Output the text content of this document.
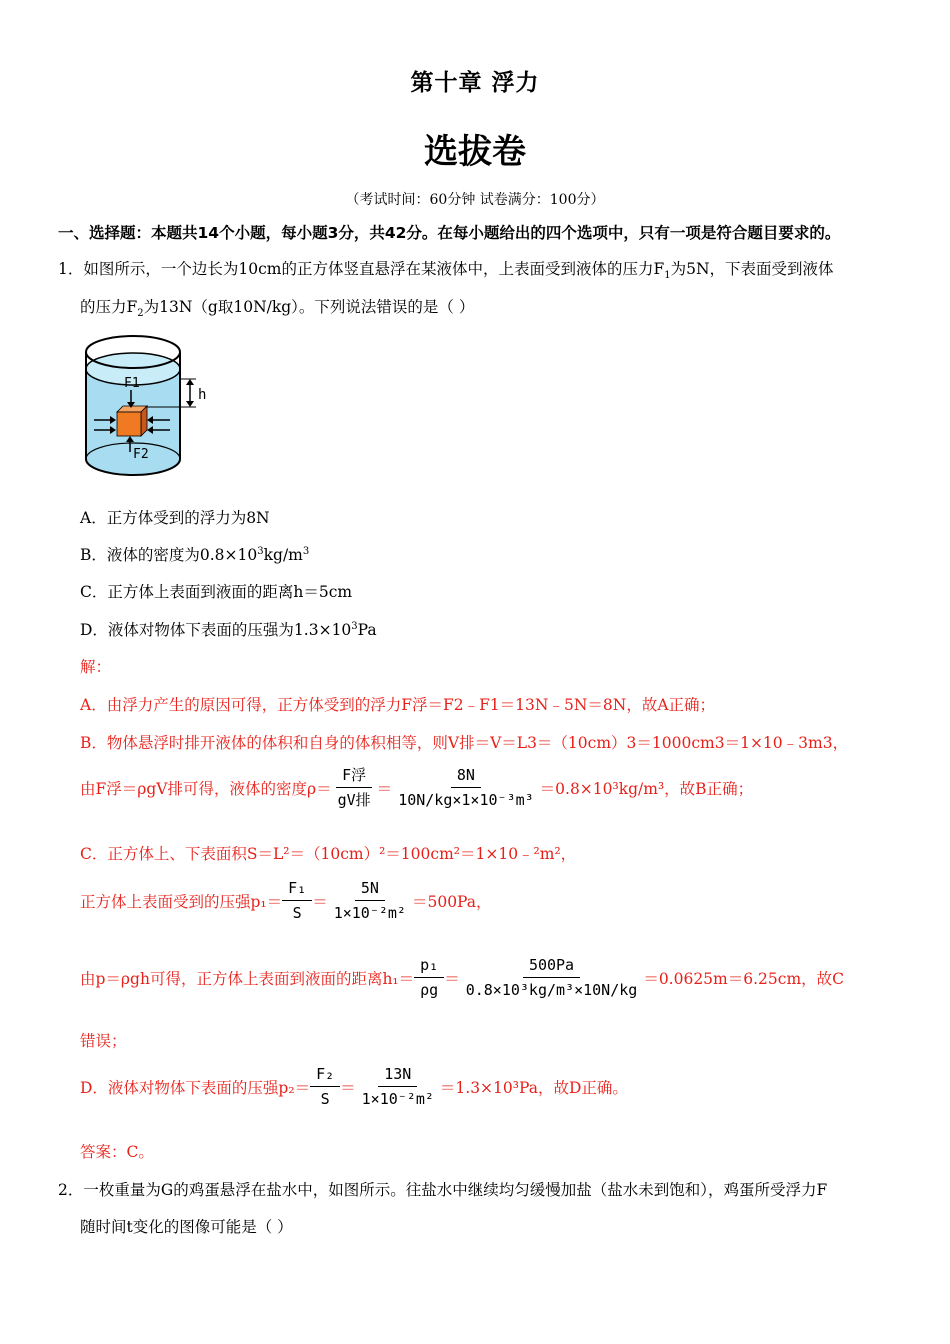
第十章 浮力
选拔卷
（考试时间：60分钟 试卷满分：100分）
一、选择题：本题共14个小题，每小题3分，共42分。在每小题给出的四个选项中，只有一项是符合题目要求的。
1．如图所示，一个边长为10cm的正方体竖直悬浮在某液体中，上表面受到液体的压力$F_1$为5N，下表面受到液体
的压力$F_2$为13N（g取10N/kg）。下列说法错误的是（ ）
h
F1
F2
A．正方体受到的浮力为8N
B．液体的密度为$0.8\times 10^3kg/m^3$
C．正方体上表面到液面的距离h＝5cm
D．液体对物体下表面的压强为$1.3\times 10^3Pa$
解：
A．由浮力产生的原因可得，正方体受到的浮力F浮＝F2﹣F1＝13N﹣5N＝8N，故A正确；
B．物体悬浮时排开液体的体积和自身的体积相等，则V排＝V＝L3＝（10cm）3＝1000cm3＝1×10﹣3m3，
由F浮＝ρgV排可得，液体的密度$\rho= \frac{\text{F浮}}{\text{gV排}} = \frac{8N}{\text{10N/kg×1×10⁻³m³}} =0.8\times 10^3kg/m^3$，故B正确；
C．正方体上、下表面积S＝L²＝（10cm）²＝100cm²＝1×10﹣²m²，
正方体上表面受到的压强$p_1= \frac{\text{F₁}}{S} = \frac{5N}{\text{1×10⁻²m²}} =500Pa$，
由p＝ρgh可得，正方体上表面到液面的距离$h_1= \frac{\text{p₁}}{\rho g} = \frac{500Pa}{\text{0.8×10³kg/m³×10N/kg}} =0.0625m=6.25cm$，故C
错误；
D．液体对物体下表面的压强$p_2= \frac{\text{F₂}}{S} = \frac{13N}{\text{1×10⁻²m²}} =1.3\times 10^3Pa$，故D正确。
答案：C。
2．一枚重量为G的鸡蛋悬浮在盐水中，如图所示。往盐水中继续均匀缓慢加盐（盐水未到饱和），鸡蛋所受浮力F
随时间t变化的图像可能是（ ）
